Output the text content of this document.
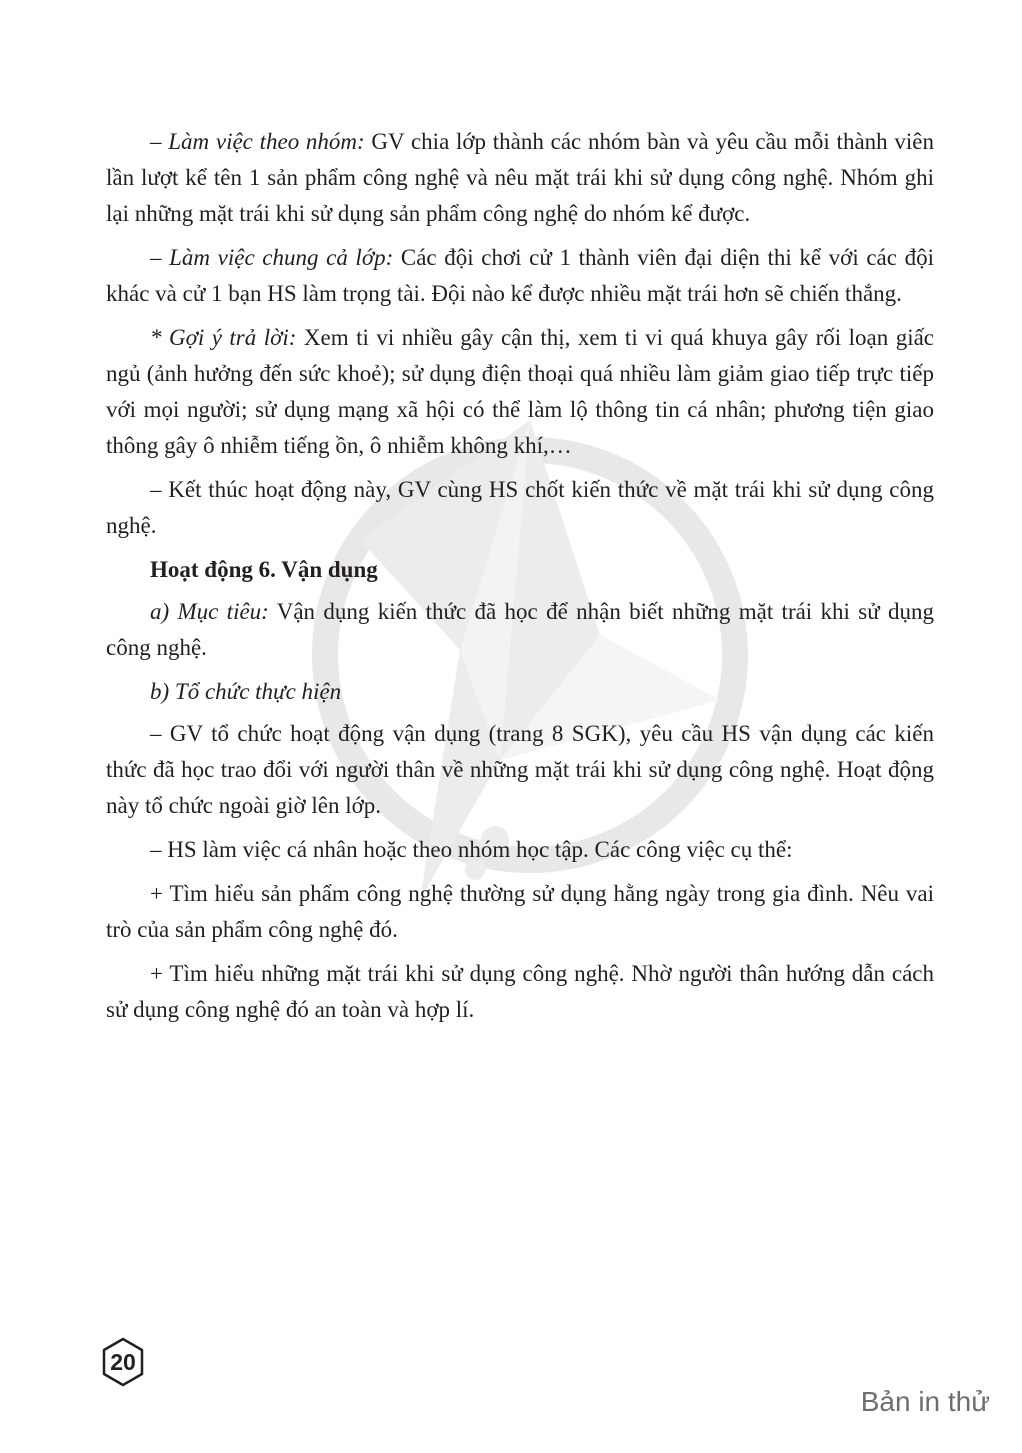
– Làm việc theo nhóm: GV chia lớp thành các nhóm bàn và yêu cầu mỗi thành viên lần lượt kể tên 1 sản phẩm công nghệ và nêu mặt trái khi sử dụng công nghệ. Nhóm ghi lại những mặt trái khi sử dụng sản phẩm công nghệ do nhóm kể được.

– Làm việc chung cả lớp: Các đội chơi cử 1 thành viên đại diện thi kể với các đội khác và cử 1 bạn HS làm trọng tài. Đội nào kể được nhiều mặt trái hơn sẽ chiến thắng.

* Gợi ý trả lời: Xem ti vi nhiều gây cận thị, xem ti vi quá khuya gây rối loạn giấc ngủ (ảnh hưởng đến sức khoẻ); sử dụng điện thoại quá nhiều làm giảm giao tiếp trực tiếp với mọi người; sử dụng mạng xã hội có thể làm lộ thông tin cá nhân; phương tiện giao thông gây ô nhiễm tiếng ồn, ô nhiễm không khí,…

– Kết thúc hoạt động này, GV cùng HS chốt kiến thức về mặt trái khi sử dụng công nghệ.

Hoạt động 6. Vận dụng

a) Mục tiêu: Vận dụng kiến thức đã học để nhận biết những mặt trái khi sử dụng công nghệ.

b) Tổ chức thực hiện

– GV tổ chức hoạt động vận dụng (trang 8 SGK), yêu cầu HS vận dụng các kiến thức đã học trao đổi với người thân về những mặt trái khi sử dụng công nghệ. Hoạt động này tổ chức ngoài giờ lên lớp.

– HS làm việc cá nhân hoặc theo nhóm học tập. Các công việc cụ thể:

+ Tìm hiểu sản phẩm công nghệ thường sử dụng hằng ngày trong gia đình. Nêu vai trò của sản phẩm công nghệ đó.

+ Tìm hiểu những mặt trái khi sử dụng công nghệ. Nhờ người thân hướng dẫn cách sử dụng công nghệ đó an toàn và hợp lí.

20
Bản in thử
